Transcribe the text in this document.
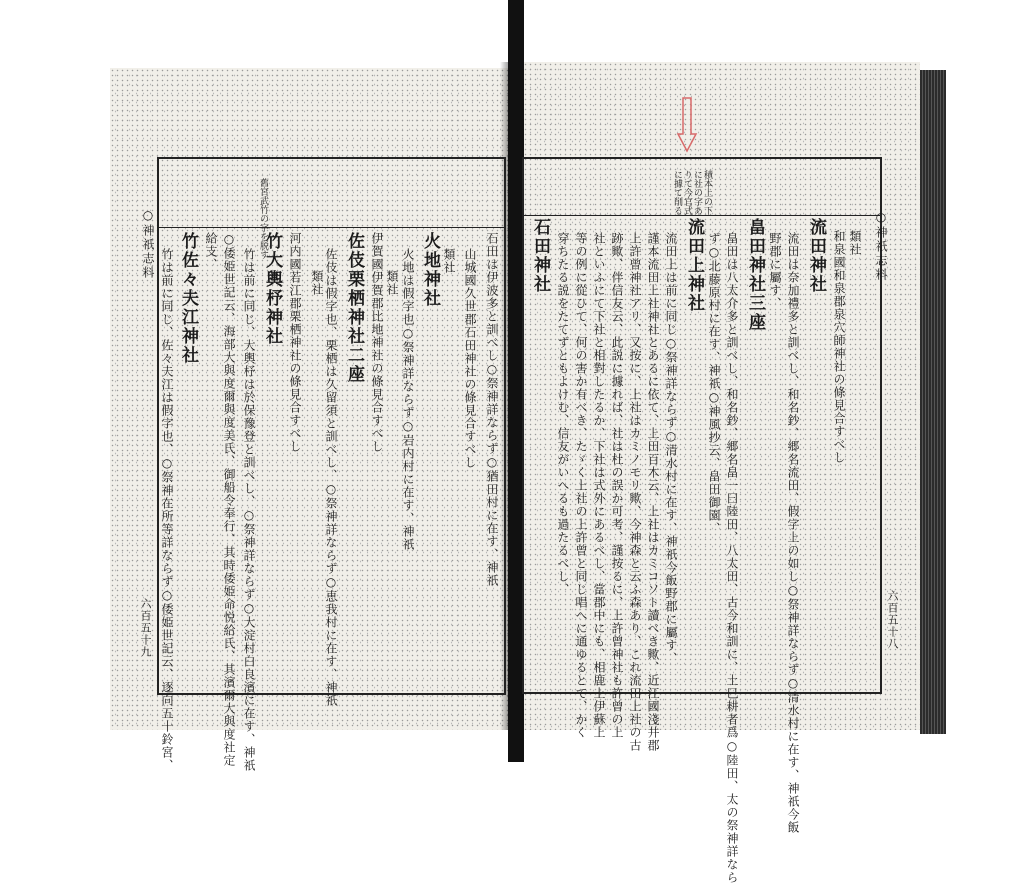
○神祇志料
六百五十九
舊宮武竹の字を脱す
石田は伊波多と訓べし○祭神詳ならず○猶田村に在す、神祇
山城國久世郡石田神社の條見合すべし
類社
火地神社
火地は假字也○祭神詳ならず○岩内村に在す、神祇
伊賀國伊賀郡比地神社の條見合すべし 類社
佐伎栗栖神社二座
佐伎は假字也、栗栖は久留須と訓べし、○祭神詳ならず○恵我村に在す、神祇
類社
河内國若江郡栗栖神社の條見合すべし
竹大輿杼神社
竹は前に同じ、大輿杼は於保豫登と訓べし、○祭神詳ならず○大淀村白良濱に在す、神祇
○倭姫世記云、海部大與度爾與度美氏、御船令奉行、其時倭姫命悦給氏、其濱爾大與度社定
給支、
竹佐々夫江神社
竹は前に同じ、佐々夫江は假字也、○祭神在所等詳ならず○倭姫世記云、逐向五十鈴宮、
○神祇志料
六百五十八
積本上の下
に社の字あ
りて今官式
に據て削る
類社
和泉國和泉郡泉穴師神社の條見合すべし
流田神社
流田は奈加禮多と訓べし、和名鈔、郷名流田、假字上の如し○祭神詳ならず○清水村に在す、神祇今飯
野郡に屬す、
畠田神社三座
畠田は八太介多と訓べし、和名鈔、郷名畠一曰陸田、八太田、古今和訓に、土巳耕者爲○陸田、太の祭神詳なら
ず○北藤原村に在す、神祇○神風抄云、畠田御園、
流田上神社
流田上は前に同じ○祭神詳ならず○清水村に在す、神祇今飯野郡に屬す、
謹本流田上社神社とあるに依て、上田百木云、上社はカミコソト讀べき歟、近江國淺井郡
上許曾神社アリ、又按に、上社はカミノモリ歟、今神森と云ふ森あり、これ流田上社の古
跡歟、伴信友云、此説に據れば、社は杜の誤か可考、謹按るに、上許曾神社も許曾の上
社といふにて下社と相對したるか、下社は式外にあるべし、當郡中にも、相鹿上伊蘇上
等の例に從ひて、何の害か有べき、たゞく上社の上許曾と同じ唱へに通ゆるとて、かく
穿ちたる説をたてずともよけむ、信友がいへるも過たるべし、
石田神社
